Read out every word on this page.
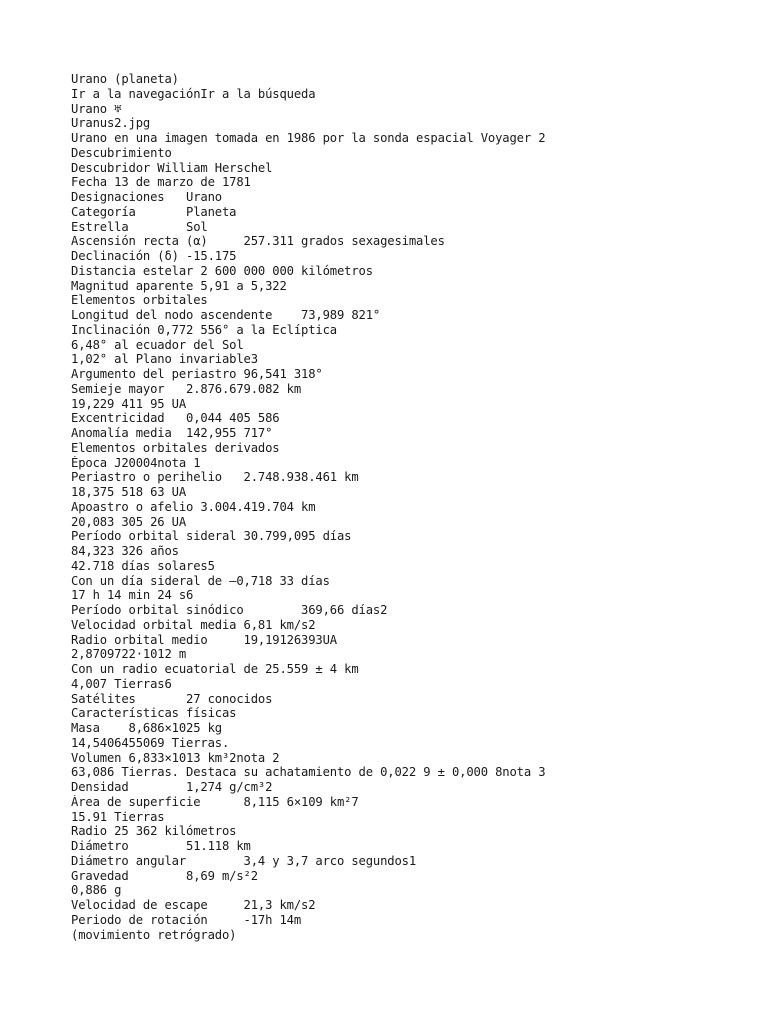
Urano (planeta)
Ir a la navegaciónIr a la búsqueda
Urano ♅
Uranus2.jpg
Urano en una imagen tomada en 1986 por la sonda espacial Voyager 2
Descubrimiento
Descubridor William Herschel
Fecha 13 de marzo de 1781
Designaciones	Urano
Categoría	Planeta
Estrella	Sol
Ascensión recta (α)	257.311 grados sexagesimales
Declinación (δ)	-15.175
Distancia estelar 2 600 000 000 kilómetros
Magnitud aparente 5,91 a 5,322
Elementos orbitales
Longitud del nodo ascendente	73,989 821°
Inclinación 0,772 556° a la Eclíptica
6,48° al ecuador del Sol
1,02° al Plano invariable3
Argumento del periastro 96,541 318°
Semieje mayor	2.876.679.082 km
19,229 411 95 UA
Excentricidad	0,044 405 586
Anomalía media	142,955 717°
Elementos orbitales derivados
Época J20004nota 1
Periastro o perihelio	2.748.938.461 km
18,375 518 63 UA
Apoastro o afelio 3.004.419.704 km
20,083 305 26 UA
Período orbital sideral 30.799,095 días
84,323 326 años
42.718 días solares5
Con un día sideral de –0,718 33 días
17 h 14 min 24 s6
Período orbital sinódico	369,66 días2
Velocidad orbital media 6,81 km/s2
Radio orbital medio	19,19126393UA
2,8709722·1012 m
Con un radio ecuatorial de 25.559 ± 4 km
4,007 Tierras6
Satélites	27 conocidos
Características físicas
Masa	8,686×1025 kg
14,5406455069 Tierras.
Volumen	6,833×1013 km³2nota 2
63,086 Tierras. Destaca su achatamiento de 0,022 9 ± 0,000 8nota 3
Densidad	1,274 g/cm³2
Área de superficie	8,115 6×109 km²7
15.91 Tierras
Radio 25 362 kilómetros
Diámetro	51.118 km
Diámetro angular	3,4 y 3,7 arco segundos1
Gravedad	8,69 m/s²2
0,886 g
Velocidad de escape	21,3 km/s2
Periodo de rotación	-17h 14m
(movimiento retrógrado)
